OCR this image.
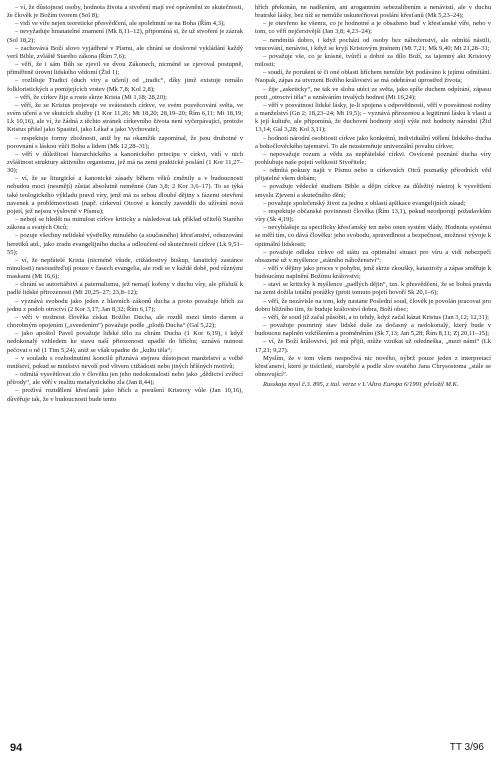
– ví, že důstojnost osoby, hodnota života a stvoření mají své oprávnění ze skutečnosti, že člověk je Božím tvorem (Sol 8);

– vidí ve víře nejen teoretické přesvědčení, ale spolehnutí se na Boha (Řím 4,3);

– nevyžaduje hmatatelné znamení (Mk 8,11–12), připomíná si, že už stvoření je zázrak (Sol 18,2);

– zachovává Boží slovo vyjádřené v Písmu, ale chrání se doslovné vykládání každý verš Bible, zvláště Starého zákona (Řím 7,6);

– věří, že i sám Bůh se zjevil ve dvou Zákonech, nicméně se zjevoval postupně, přiměřeně úrovni lidského vědomí (Žid 1);

– rozlišuje Tradici (duch víry a učení) od „tradic“, díky jimž existuje remálo folkloristických a pomíjejících vrstev (Mk 7,8; Kol 2,8);

– věří, že církev žije a roste skrze Krista (Mt 1,18; 28,20);

– věří, že se Kristus projevuje ve svátostech církve, ve svém posvěcování světa, ve svém učení a ve skutcích služby (1 Kor 11,26; Mt 18,20; 28,19–20; Řím 6,11; Mt 18,19; Lk 10,16), ale ví, že žádná z těchto stránek církevního života není vyčerpávající, protože Kristus přišel jako Spasitel, jako Lékař a jako Vychovatel;

– respektuje formy zbožnosti, aniž by na okamžik zapomínal, že jsou druhotné v porovnání s láskou vůči Bohu a lidem (Mk 12,28–31);

– věří v důležitost hierarchického a kanonického principu v církvi, vidí v nich zvláštnost struktury aktivního organismu, jež má na zemi praktické poslání (1 Kor 11,27–30);

– ví, že se liturgické a kanonické zásady během věků změnily a v budoucnosti nebudou moci (nesmějí) zůstat absolutně neměnné (Jan 3,8; 2 Kor 3,6–17). To se týká také teologického výkladu pravd víry, jenž má za sebou dlouhé dějiny s fázemi otevření navenek a problémovitosti (např. církevní Otcové a koncily zaveddli do užívání nová pojetí, jež nejsou výslovně v Písmu);

– nebojí se hledět na minulost církve kriticky a následovat tak příklad učitelů Starého zákona a svatých Otců;

– pozuje všechny nelidské výstřelky minulého (a současného) křesťanství, odsuzování heretiků atd., jako zradu evangelijního ducha a odloučení od skutečnosti církve (Lk 9,51–55);

– ví, že nepřátelé Krista (nicméně všude, ctižádostivý biskup, fanatický zastánce minulosti) nesoustřeďují pouze v časech evangelia, ale rodí se v každé době, pod různými maskami (Mt 16,6);

– chrání se autoritářství a paternalismu, jež nemají kořeny v duchu víry, ale přísluší k padlé lidské přirozenosti (Mt 20,25–27; 23,8–12);

– vyznává svobodu jako jeden z hlavních zákonů ducha a proto považuje hřích za jednu z podob otroctví (2 Kor 3,17; Jan 8,32; Řím 6,17);

– věří v možnost člověka získat Božího Ducha, ale rozdíl mezi tímto darem a chorobným opojením („sveedením“) považuje podle „plodů Ducha“ (Gal 5,22);

– jako apoštol Pavel považuje lidské tělo za chrám Ducha (1 Kor 6,19), i když nedokonalý vzhledem ke stavu naší přirozenosti upadlé do hříchu; uznává nutnost pečovat o ně (1 Tim 5,24), aniž se však upadne do „kultu těla“;

– v souladu s rozhodnutími koncilů přiznává stejnou důstojnost manželství a volbě mnišství, pokud se mnišství nevolí pod vlivem ctižádosti nebo jiných hříšných motivů;

– odmítá vysvětlovat zlo v člověku jen jeho nedokonalostí nebo jako „dědictví zvířecí přírody“, ale věří v realitu metafyzického zla (Jan 8,44);

– prožívá roztdělení křesťanů jako hřích a porušení Kristovy vůle (Jan 10,16), důvěřuje tak, že v budoucnosti bude tento

hřích překonán, ne nadšením, ani arogantním sebezalíbením a nenávistí, ale v duchu bratrské lásky, bez níž se nemůže uskutečňovat poslání křesťanů (Mk 5,23–24);

– je otevřeno ke všemu, co je hodnotné a je obsaženo buď v křesťanské víře, nebo v tom, co věří nejčerstvější (Jan 3,8; 4,23–24);

– nendmítá dobro, i když pochází od osoby bez náboženství, ale odmítá nástili, vnucování, nenávist, i když se kryjí Kristovým jménem (Mt 7,21; Mk 9,40; Mt 21,28–31;

– považuje vše, co je krásné, tvůrčí a dobré za dílo Boží, za tajemný akt Kristovy milosti;

– soudí, že porušení té či oné oblasti hříchem nemůže být podáváno k jejímu odmítání. Naopak, zápas za utvrzení Božího království se má odehrávat uprostřed života;

– žije „asketicky“, ne tak ve slohu utéci ze světa, jako spíše duchem odpírání, zápasu proti „otroctví těla“ a uznáváním trvalých hodnot (Mt 16,24);

– věří v posvátnost lidské lásky, je-li spojena s odpovědností, věří v posvátnost rodiny a manželství (Gn 2; 18,23–24; Mt 19,5); – vyznává přirozenou a legitimní lásku k vlasti a k její kultuře, ale připomíná, že duchovní hodnoty stojí výše než hodnoty národní (Žid 13,14; Gal 3,28; Kol 3,11);

– hodnotí národní osobitosti církve jako konkrétní, individuální vtělení lidského ducha a bohočlověckého tajemství. To ale nezatemňuje univerzální povahu církve;

– nepovažuje rozum a vědu za nepřátelské církvi. Osvícené poznání ducha víry prohlubuje naše pojetí velikosti Stvořitele;

– odmítá pokusy najít v Písmu nebo u církevních Otců poznatky přírodních věd přijatelné všem dobám;

– považuje vědecké studium Bible a dějin církve za důležitý nástroj k vysvětlení smyslu Zjevení a skutečného dění;

– považuje společenský život za jednu z oblastí aplikace evangelijních zásad;

– respektuje občanské povinnosti člověka (Řím 13,1), pokud neodporují požadavkům víry (Sk 4,19);

– nevyhlašuje za specificky křesťanský ten nebo onen systém vlády. Hodnota systému se měří tím, co dává člověku: jeho svobodu, spravedlnost a bezpečnost, možnost vývoje k optimální lidskosti;

– považuje odluku církve od státu za optimální situaci pro víru a vidí nebezpečí obsazené už v myšlence „státního náboženství“;

– věří v dějiny jako proces v pohybu, jenž skrze zkoušky, katastrofy a zápas směřuje k budoucímu naplnění Božímu království;

– staví se kriticky k myšlence „padlých dějin“, tzn. k přesvědčení, že se bobrá pravda na zemi dožila totální porážky (proti tomuto pojetí hovoří Sk 20,1–6);

– věří, že nezávisle na tom, kdy nastane Poslední soud, člověk je povolán pracovat pro dobro bližního tím, že buduje království dobra, Boží obec;

– věří, že soud již začal působit, a to tehdy, když začal kázat Kristus (Jan 3,12; 12,31);

– považuje posmrtný stav lidské duše za dočasný a nedokonalý, který bude v budoucnu naplněn vzkříšením a proměněním (Sk 7,13; Jan 5,28; Řím 8,11; Zj 20,11–15);

– ví, že Boží království, jež má přijít, může vznikat už odedneška, „mezi námi“ (Lk 17,21; 9,27).

Myslím, že v tom všem nespočívá nic nového, nýbrž pouze jeden z interpretací křesťanství, které je tisícileté, starobylé a podle slov svatého Jana Chrysostoma „stále se obnovující“.

Russkaja mysl č.3. 895, z ital. verze v L’Altra Europa 6/1991 přeložil M.K.

94	TT 3/96
